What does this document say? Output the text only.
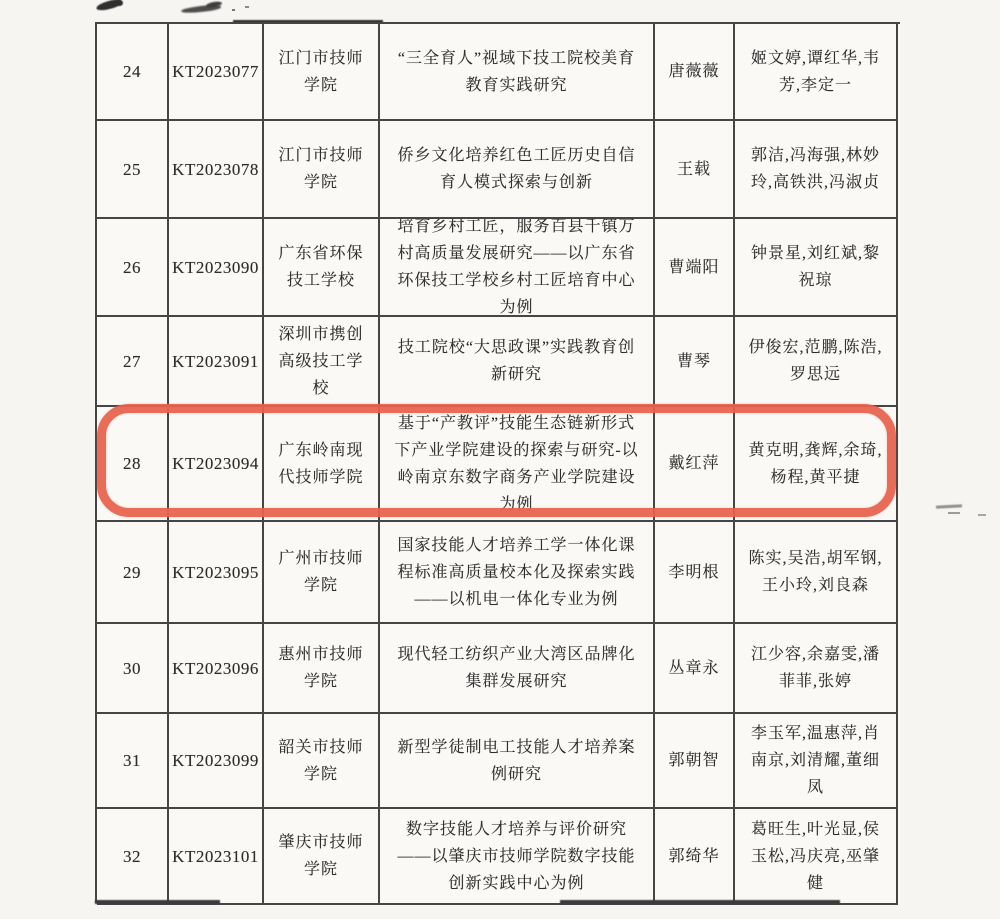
24	KT2023077
江门市技师学院
“三全育人”视域下技工院校美育教育实践研究
唐薇薇
姬文婷,谭红华,韦芳,李定一
25	KT2023078
江门市技师学院
侨乡文化培养红色工匠历史自信育人模式探索与创新
王载
郭洁,冯海强,林妙玲,高铁洪,冯淑贞
26	KT2023090
广东省环保技工学校
培育乡村工匠，服务百县千镇万村高质量发展研究——以广东省环保技工学校乡村工匠培育中心为例
曹端阳
钟景星,刘红斌,黎祝琼
27	KT2023091
深圳市携创高级技工学校
技工院校“大思政课”实践教育创新研究
曹琴
伊俊宏,范鹏,陈浩,罗思远
28	KT2023094
广东岭南现代技师学院
基于“产教评”技能生态链新形式下产业学院建设的探索与研究-以岭南京东数字商务产业学院建设为例
戴红萍
黄克明,龚辉,余琦,杨程,黄平捷
29	KT2023095
广州市技师学院
国家技能人才培养工学一体化课程标准高质量校本化及探索实践——以机电一体化专业为例
李明根
陈实,吴浩,胡军钢,王小玲,刘良森
30	KT2023096
惠州市技师学院
现代轻工纺织产业大湾区品牌化集群发展研究
丛章永
江少容,余嘉雯,潘菲菲,张婷
31	KT2023099
韶关市技师学院
新型学徒制电工技能人才培养案例研究
郭朝智
李玉军,温惠萍,肖南京,刘清耀,董细凤
32	KT2023101
肇庆市技师学院
数字技能人才培养与评价研究 ——以肇庆市技师学院数字技能创新实践中心为例
郭绮华
葛旺生,叶光显,侯玉松,冯庆亮,巫肇健
